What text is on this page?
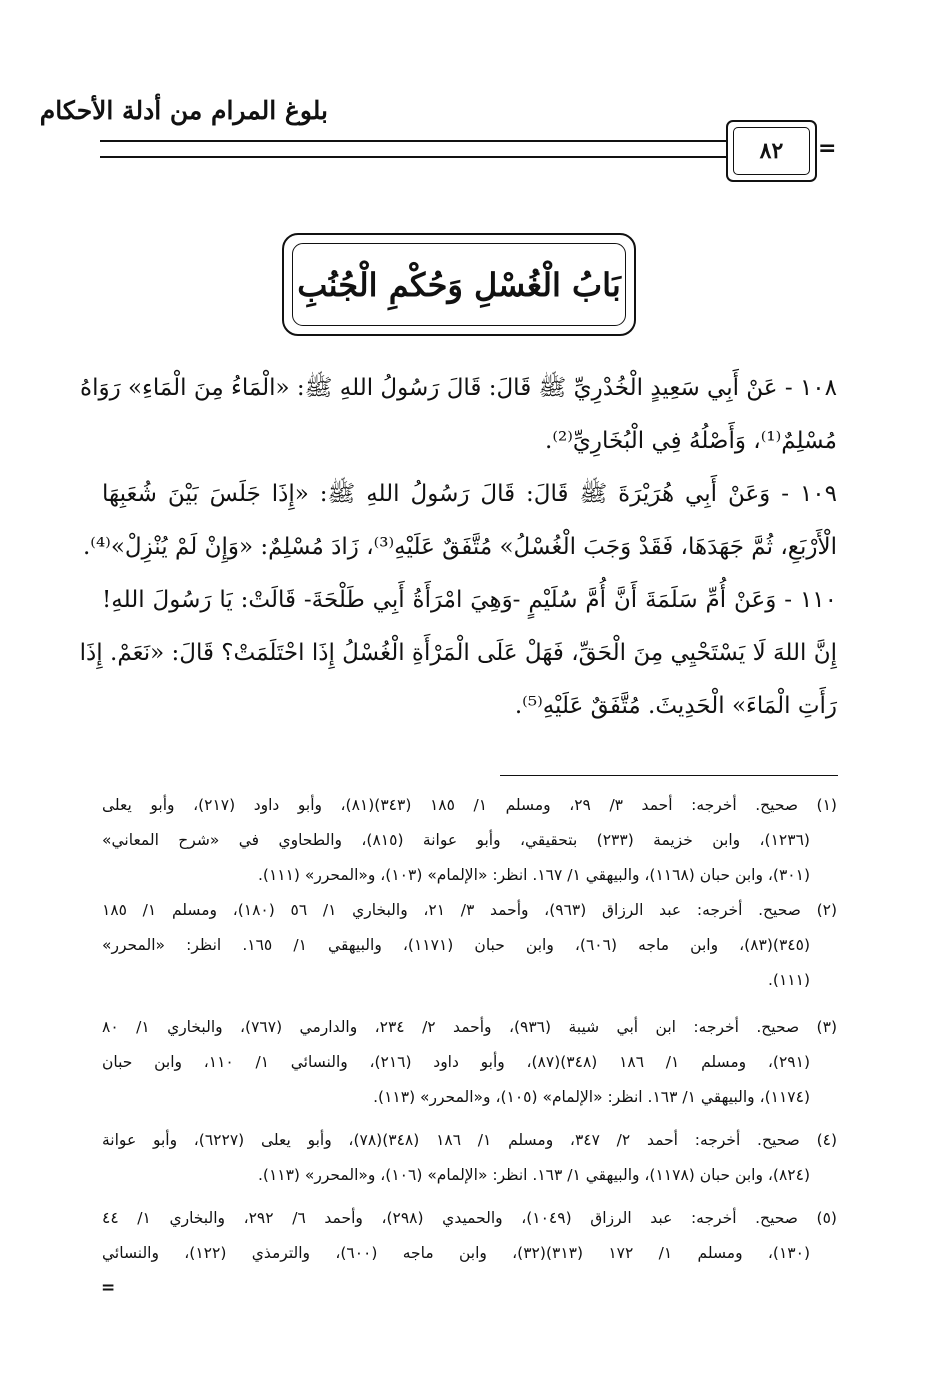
بلوغ المرام من أدلة الأحكام
٨٢	=
بَابُ الْغُسْلِ وَحُكْمِ الْجُنُبِ
١٠٨ - عَنْ أَبِي سَعِيدٍ الْخُدْرِيِّ ﷺ قَالَ: قَالَ رَسُولُ اللهِ ﷺ: «الْمَاءُ مِنَ الْمَاءِ» رَوَاهُ
مُسْلِمٌ⁽¹⁾، وَأَصْلُهُ فِي الْبُخَارِيِّ⁽²⁾.
١٠٩ - وَعَنْ أَبِي هُرَيْرَةَ ﷺ قَالَ: قَالَ رَسُولُ اللهِ ﷺ: «إِذَا جَلَسَ بَيْنَ شُعَبِهَا
الْأَرْبَعِ، ثُمَّ جَهَدَهَا، فَقَدْ وَجَبَ الْغُسْلُ» مُتَّفَقٌ عَلَيْهِ⁽³⁾، زَادَ مُسْلِمٌ: «وَإِنْ لَمْ يُنْزِلْ»⁽⁴⁾.
١١٠ - وَعَنْ أُمِّ سَلَمَةَ أَنَّ أُمَّ سُلَيْمٍ -وَهِيَ امْرَأَةُ أَبِي طَلْحَةَ- قَالَتْ: يَا رَسُولَ اللهِ!
إِنَّ اللهَ لَا يَسْتَحْيِي مِنَ الْحَقِّ، فَهَلْ عَلَى الْمَرْأَةِ الْغُسْلُ إِذَا احْتَلَمَتْ؟ قَالَ: «نَعَمْ. إِذَا
رَأَتِ الْمَاءَ» الْحَدِيثَ. مُتَّفَقٌ عَلَيْهِ⁽⁵⁾.
(١) صحيح. أخرجه: أحمد ٣/ ٢٩، ومسلم ١/ ١٨٥ (٣٤٣)(٨١)، وأبو داود (٢١٧)، وأبو يعلى
(١٢٣٦)، وابن خزيمة (٢٣٣) بتحقيقي، وأبو عوانة (٨١٥)، والطحاوي في «شرح المعاني»
(٣٠١)، وابن حبان (١١٦٨)، والبيهقي ١/ ١٦٧. انظر: «الإلمام» (١٠٣)، و«المحرر» (١١١).
(٢) صحيح. أخرجه: عبد الرزاق (٩٦٣)، وأحمد ٣/ ٢١، والبخاري ١/ ٥٦ (١٨٠)، ومسلم ١/ ١٨٥
(٣٤٥)(٨٣)، وابن ماجه (٦٠٦)، وابن حبان (١١٧١)، والبيهقي ١/ ١٦٥. انظر: «المحرر»
(١١١).
(٣) صحيح. أخرجه: ابن أبي شيبة (٩٣٦)، وأحمد ٢/ ٢٣٤، والدارمي (٧٦٧)، والبخاري ١/ ٨٠
(٢٩١)، ومسلم ١/ ١٨٦ (٣٤٨)(٨٧)، وأبو داود (٢١٦)، والنسائي ١/ ١١٠، وابن حبان
(١١٧٤)، والبيهقي ١/ ١٦٣. انظر: «الإلمام» (١٠٥)، و«المحرر» (١١٣).
(٤) صحيح. أخرجه: أحمد ٢/ ٣٤٧، ومسلم ١/ ١٨٦ (٣٤٨)(٧٨)، وأبو يعلى (٦٢٢٧)، وأبو عوانة
(٨٢٤)، وابن حبان (١١٧٨)، والبيهقي ١/ ١٦٣. انظر: «الإلمام» (١٠٦)، و«المحرر» (١١٣).
(٥) صحيح. أخرجه: عبد الرزاق (١٠٤٩)، والحميدي (٢٩٨)، وأحمد ٦/ ٢٩٢، والبخاري ١/ ٤٤
(١٣٠)، ومسلم ١/ ١٧٢ (٣١٣)(٣٢)، وابن ماجه (٦٠٠)، والترمذي (١٢٢)، والنسائي
=
